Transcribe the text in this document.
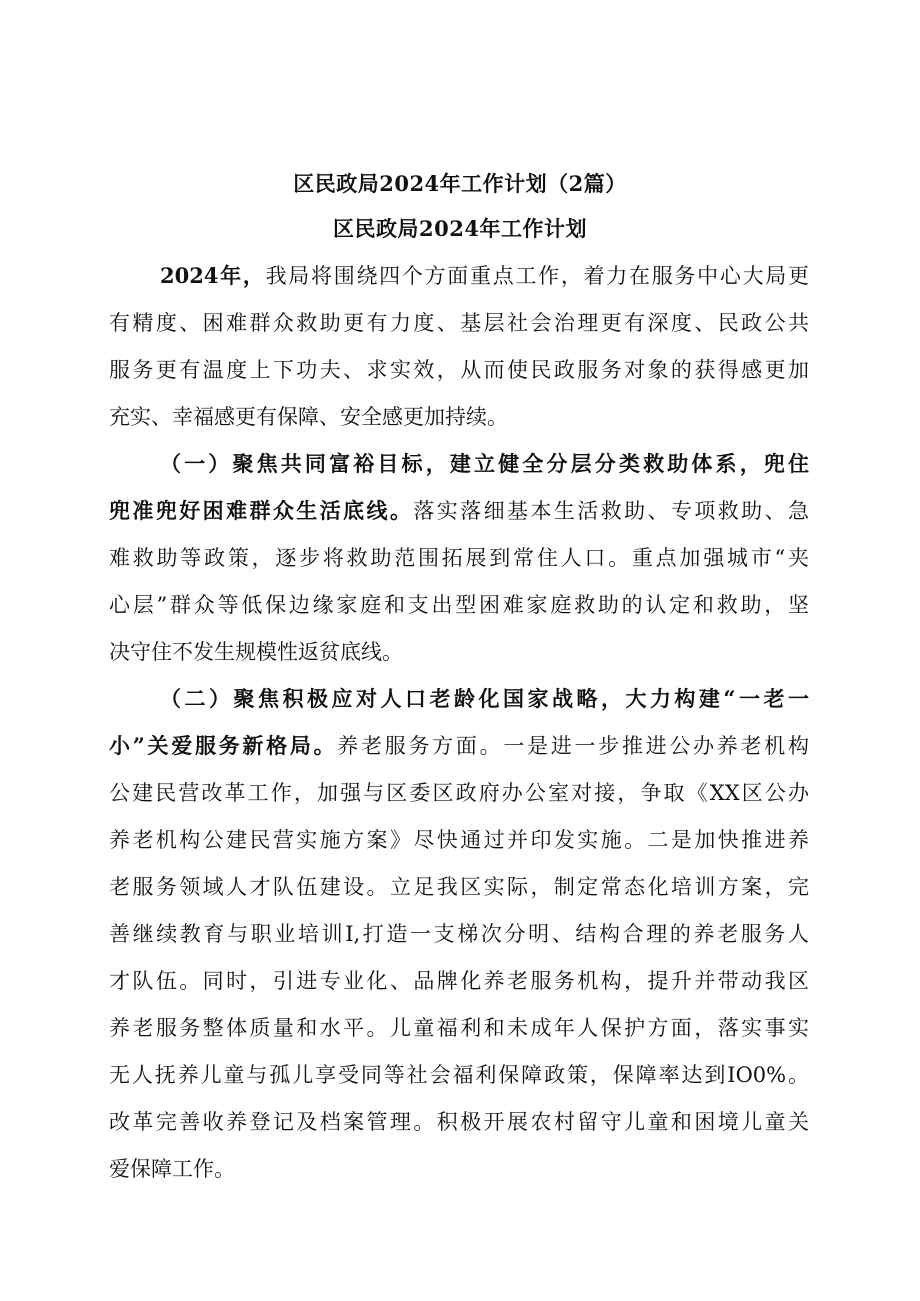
区民政局2024年工作计划（2篇）
区民政局2024年工作计划
2024年，我局将围绕四个方面重点工作，着力在服务中心大局更
有精度、困难群众救助更有力度、基层社会治理更有深度、民政公共
服务更有温度上下功夫、求实效，从而使民政服务对象的获得感更加
充实、幸福感更有保障、安全感更加持续。
（一）聚焦共同富裕目标，建立健全分层分类救助体系，兜住
兜准兜好困难群众生活底线。落实落细基本生活救助、专项救助、急
难救助等政策，逐步将救助范围拓展到常住人口。重点加强城市“夹
心层”群众等低保边缘家庭和支出型困难家庭救助的认定和救助，坚
决守住不发生规模性返贫底线。
（二）聚焦积极应对人口老龄化国家战略，大力构建“一老一
小”关爱服务新格局。养老服务方面。一是进一步推进公办养老机构
公建民营改革工作，加强与区委区政府办公室对接，争取《XX区公办
养老机构公建民营实施方案》尽快通过并印发实施。二是加快推进养
老服务领域人才队伍建设。立足我区实际，制定常态化培训方案，完
善继续教育与职业培训I,打造一支梯次分明、结构合理的养老服务人
才队伍。同时，引进专业化、品牌化养老服务机构，提升并带动我区
养老服务整体质量和水平。儿童福利和未成年人保护方面，落实事实
无人抚养儿童与孤儿享受同等社会福利保障政策，保障率达到IO0%。
改革完善收养登记及档案管理。积极开展农村留守儿童和困境儿童关
爱保障工作。
